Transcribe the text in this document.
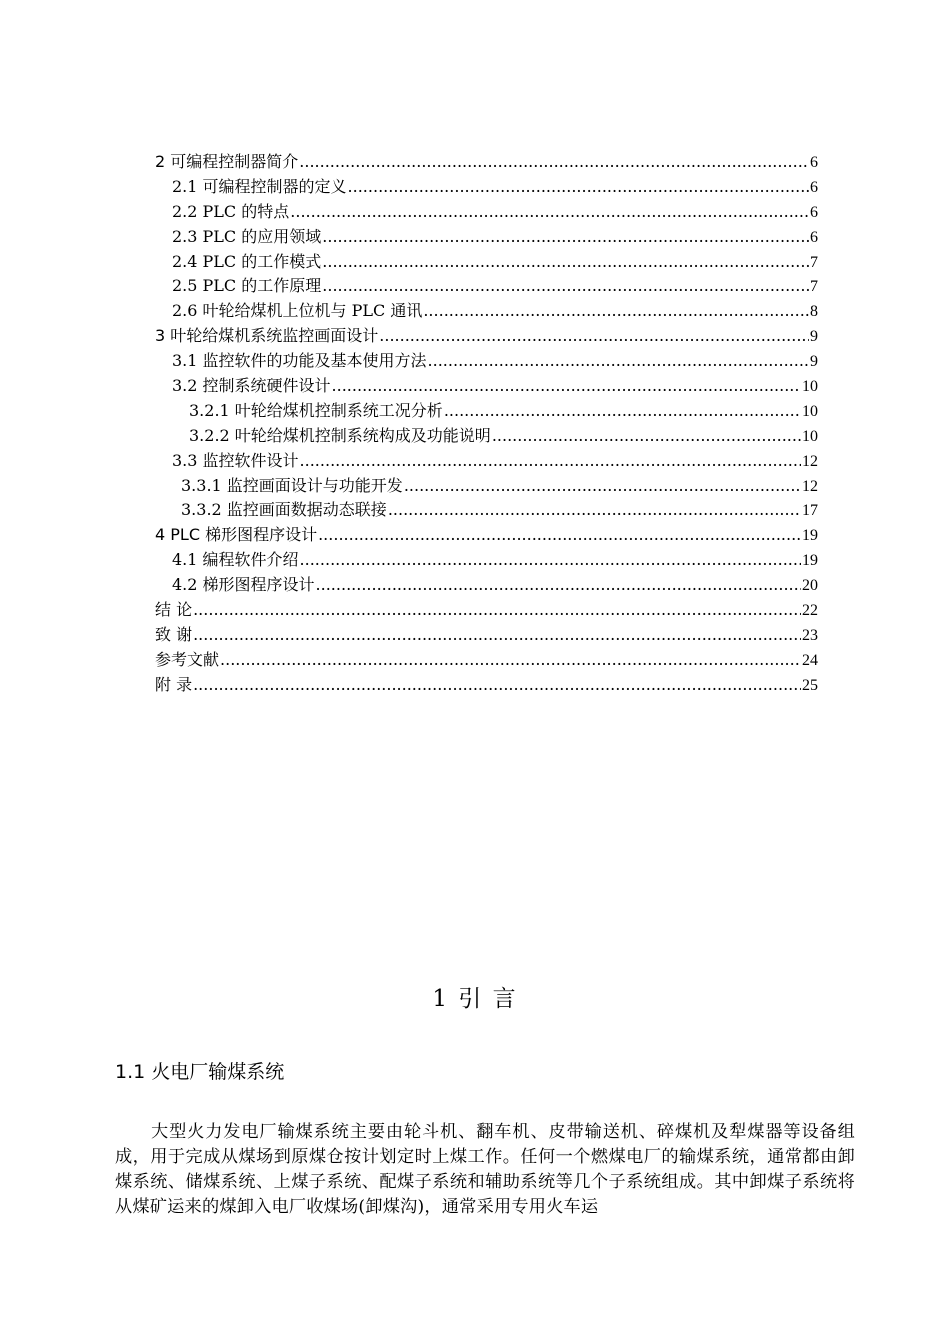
2 可编程控制器简介 .....	6
2.1 可编程控制器的定义 .....	6
2.2 PLC 的特点 .....	6
2.3 PLC 的应用领域 .....	6
2.4 PLC 的工作模式 .....	7
2.5 PLC 的工作原理 .....	7
2.6 叶轮给煤机上位机与 PLC 通讯 .....	8
3 叶轮给煤机系统监控画面设计 .....	9
3.1 监控软件的功能及基本使用方法 .....	9
3.2 控制系统硬件设计 .....	10
3.2.1 叶轮给煤机控制系统工况分析 .....	10
3.2.2 叶轮给煤机控制系统构成及功能说明 .....	10
3.3 监控软件设计 .....	12
3.3.1 监控画面设计与功能开发 .....	12
3.3.2 监控画面数据动态联接 .....	17
4 PLC 梯形图程序设计 .....	19
4.1 编程软件介绍 .....	19
4.2 梯形图程序设计 .....	20
结 论 .....	22
致 谢 .....	23
参考文献 .....	24
附 录 .....	25
1 引 言
1.1 火电厂输煤系统
大型火力发电厂输煤系统主要由轮斗机、翻车机、皮带输送机、碎煤机及犁煤器等设备组成，用于完成从煤场到原煤仓按计划定时上煤工作。任何一个燃煤电厂的输煤系统，通常都由卸煤系统、储煤系统、上煤子系统、配煤子系统和辅助系统等几个子系统组成。其中卸煤子系统将从煤矿运来的煤卸入电厂收煤场(卸煤沟)，通常采用专用火车运
